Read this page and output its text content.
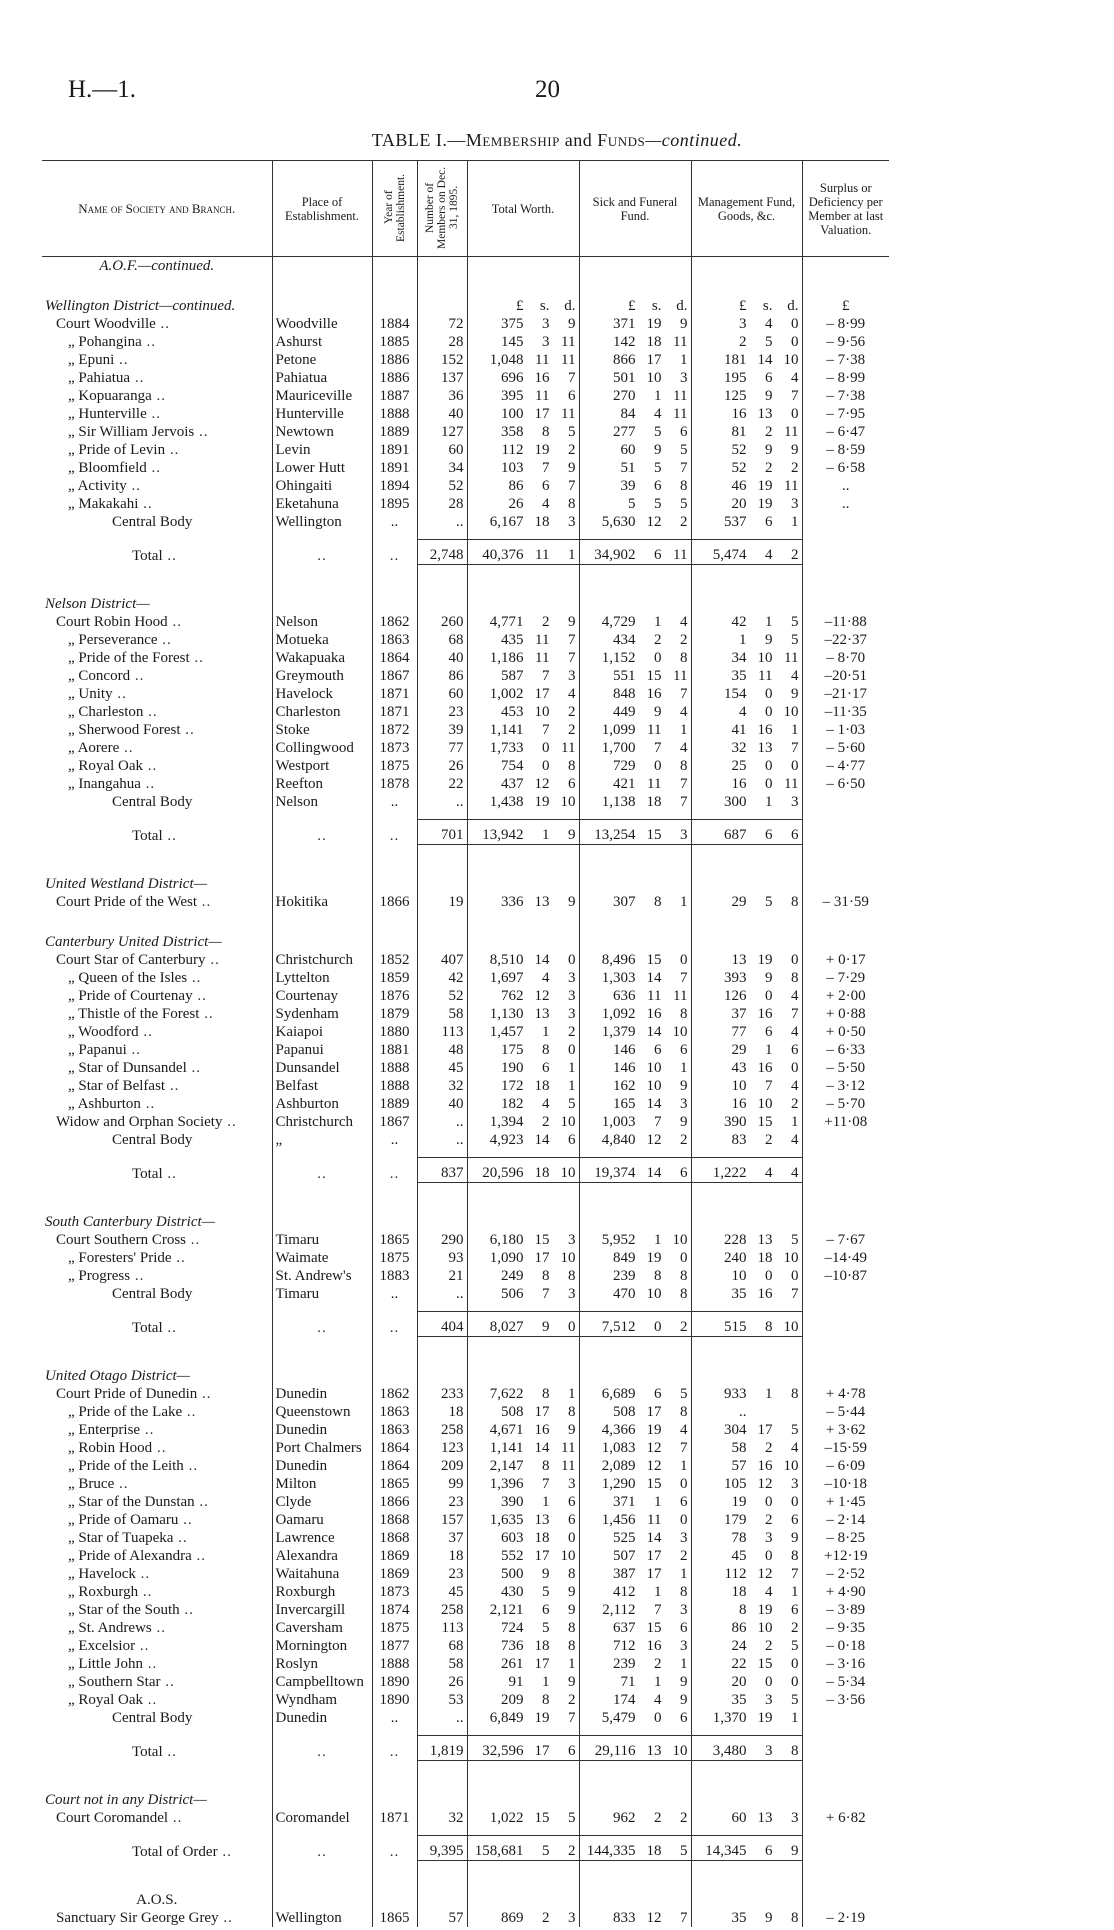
H.—1.	20
TABLE I.—Membership and Funds—continued.
Name of Society and Branch.	Place of Establishment.	Year of Establishment.	Number of Members on Dec. 31, 1895.	Total Worth.	Sick and Funeral Fund.	Management Fund, Goods, &c.	Surplus or Deficiency per Member at last Valuation.
A.O.F.—continued.							

Wellington District—continued.				£ s. d.	£ s. d.	£ s. d.	£
Court Woodville ..	Woodville	1884	72	375 3 9	371 19 9	3 4 0	– 8·99
„ Pohangina ..	Ashurst	1885	28	145 3 11	142 18 11	2 5 0	– 9·56
„ Epuni ..	Petone	1886	152	1,048 11 11	866 17 1	181 14 10	– 7·38
„ Pahiatua ..	Pahiatua	1886	137	696 16 7	501 10 3	195 6 4	– 8·99
„ Kopuaranga ..	Mauriceville	1887	36	395 11 6	270 1 11	125 9 7	– 7·38
„ Hunterville ..	Hunterville	1888	40	100 17 11	84 4 11	16 13 0	– 7·95
„ Sir William Jervois ..	Newtown	1889	127	358 8 5	277 5 6	81 2 11	– 6·47
„ Pride of Levin ..	Levin	1891	60	112 19 2	60 9 5	52 9 9	– 8·59
„ Bloomfield ..	Lower Hutt	1891	34	103 7 9	51 5 7	52 2 2	– 6·58
„ Activity ..	Ohingaiti	1894	52	86 6 7	39 6 8	46 19 11	..
„ Makakahi ..	Eketahuna	1895	28	26 4 8	5 5 5	20 19 3	..
Central Body	Wellington	..	..	6,167 18 3	5,630 12 2	537 6 1	

Total ..	..	..	2,748	40,376 11 1	34,902 6 11	5,474 4 2	

Nelson District—							
Court Robin Hood ..	Nelson	1862	260	4,771 2 9	4,729 1 4	42 1 5	–11·88
„ Perseverance ..	Motueka	1863	68	435 11 7	434 2 2	1 9 5	–22·37
„ Pride of the Forest ..	Wakapuaka	1864	40	1,186 11 7	1,152 0 8	34 10 11	– 8·70
„ Concord ..	Greymouth	1867	86	587 7 3	551 15 11	35 11 4	–20·51
„ Unity ..	Havelock	1871	60	1,002 17 4	848 16 7	154 0 9	–21·17
„ Charleston ..	Charleston	1871	23	453 10 2	449 9 4	4 0 10	–11·35
„ Sherwood Forest ..	Stoke	1872	39	1,141 7 2	1,099 11 1	41 16 1	– 1·03
„ Aorere ..	Collingwood	1873	77	1,733 0 11	1,700 7 4	32 13 7	– 5·60
„ Royal Oak ..	Westport	1875	26	754 0 8	729 0 8	25 0 0	– 4·77
„ Inangahua ..	Reefton	1878	22	437 12 6	421 11 7	16 0 11	– 6·50
Central Body	Nelson	..	..	1,438 19 10	1,138 18 7	300 1 3	

Total ..	..	..	701	13,942 1 9	13,254 15 3	687 6 6	

United Westland District—							
Court Pride of the West ..	Hokitika	1866	19	336 13 9	307 8 1	29 5 8	– 31·59

Canterbury United District—							
Court Star of Canterbury ..	Christchurch	1852	407	8,510 14 0	8,496 15 0	13 19 0	+ 0·17
„ Queen of the Isles ..	Lyttelton	1859	42	1,697 4 3	1,303 14 7	393 9 8	– 7·29
„ Pride of Courtenay ..	Courtenay	1876	52	762 12 3	636 11 11	126 0 4	+ 2·00
„ Thistle of the Forest ..	Sydenham	1879	58	1,130 13 3	1,092 16 8	37 16 7	+ 0·88
„ Woodford ..	Kaiapoi	1880	113	1,457 1 2	1,379 14 10	77 6 4	+ 0·50
„ Papanui ..	Papanui	1881	48	175 8 0	146 6 6	29 1 6	– 6·33
„ Star of Dunsandel ..	Dunsandel	1888	45	190 6 1	146 10 1	43 16 0	– 5·50
„ Star of Belfast ..	Belfast	1888	32	172 18 1	162 10 9	10 7 4	– 3·12
„ Ashburton ..	Ashburton	1889	40	182 4 5	165 14 3	16 10 2	– 5·70
Widow and Orphan Society ..	Christchurch	1867	..	1,394 2 10	1,003 7 9	390 15 1	+11·08
Central Body	„	..	..	4,923 14 6	4,840 12 2	83 2 4	

Total ..	..	..	837	20,596 18 10	19,374 14 6	1,222 4 4	

South Canterbury District—							
Court Southern Cross ..	Timaru	1865	290	6,180 15 3	5,952 1 10	228 13 5	– 7·67
„ Foresters' Pride ..	Waimate	1875	93	1,090 17 10	849 19 0	240 18 10	–14·49
„ Progress ..	St. Andrew's	1883	21	249 8 8	239 8 8	10 0 0	–10·87
Central Body	Timaru	..	..	506 7 3	470 10 8	35 16 7	

Total ..	..	..	404	8,027 9 0	7,512 0 2	515 8 10	

United Otago District—							
Court Pride of Dunedin ..	Dunedin	1862	233	7,622 8 1	6,689 6 5	933 1 8	+ 4·78
„ Pride of the Lake ..	Queenstown	1863	18	508 17 8	508 17 8	..	– 5·44
„ Enterprise ..	Dunedin	1863	258	4,671 16 9	4,366 19 4	304 17 5	+ 3·62
„ Robin Hood ..	Port Chalmers	1864	123	1,141 14 11	1,083 12 7	58 2 4	–15·59
„ Pride of the Leith ..	Dunedin	1864	209	2,147 8 11	2,089 12 1	57 16 10	– 6·09
„ Bruce ..	Milton	1865	99	1,396 7 3	1,290 15 0	105 12 3	–10·18
„ Star of the Dunstan ..	Clyde	1866	23	390 1 6	371 1 6	19 0 0	+ 1·45
„ Pride of Oamaru ..	Oamaru	1868	157	1,635 13 6	1,456 11 0	179 2 6	– 2·14
„ Star of Tuapeka ..	Lawrence	1868	37	603 18 0	525 14 3	78 3 9	– 8·25
„ Pride of Alexandra ..	Alexandra	1869	18	552 17 10	507 17 2	45 0 8	+12·19
„ Havelock ..	Waitahuna	1869	23	500 9 8	387 17 1	112 12 7	– 2·52
„ Roxburgh ..	Roxburgh	1873	45	430 5 9	412 1 8	18 4 1	+ 4·90
„ Star of the South ..	Invercargill	1874	258	2,121 6 9	2,112 7 3	8 19 6	– 3·89
„ St. Andrews ..	Caversham	1875	113	724 5 8	637 15 6	86 10 2	– 9·35
„ Excelsior ..	Mornington	1877	68	736 18 8	712 16 3	24 2 5	– 0·18
„ Little John ..	Roslyn	1888	58	261 17 1	239 2 1	22 15 0	– 3·16
„ Southern Star ..	Campbelltown	1890	26	91 1 9	71 1 9	20 0 0	– 5·34
„ Royal Oak ..	Wyndham	1890	53	209 8 2	174 4 9	35 3 5	– 3·56
Central Body	Dunedin	..	..	6,849 19 7	5,479 0 6	1,370 19 1	

Total ..	..	..	1,819	32,596 17 6	29,116 13 10	3,480 3 8	

Court not in any District—							
Court Coromandel ..	Coromandel	1871	32	1,022 15 5	962 2 2	60 13 3	+ 6·82

Total of Order ..	..	..	9,395	158,681 5 2	144,335 18 5	14,345 6 9	

A.O.S.							
Sanctuary Sir George Grey ..	Wellington	1865	57	869 2 3	833 12 7	35 9 8	– 2·19
